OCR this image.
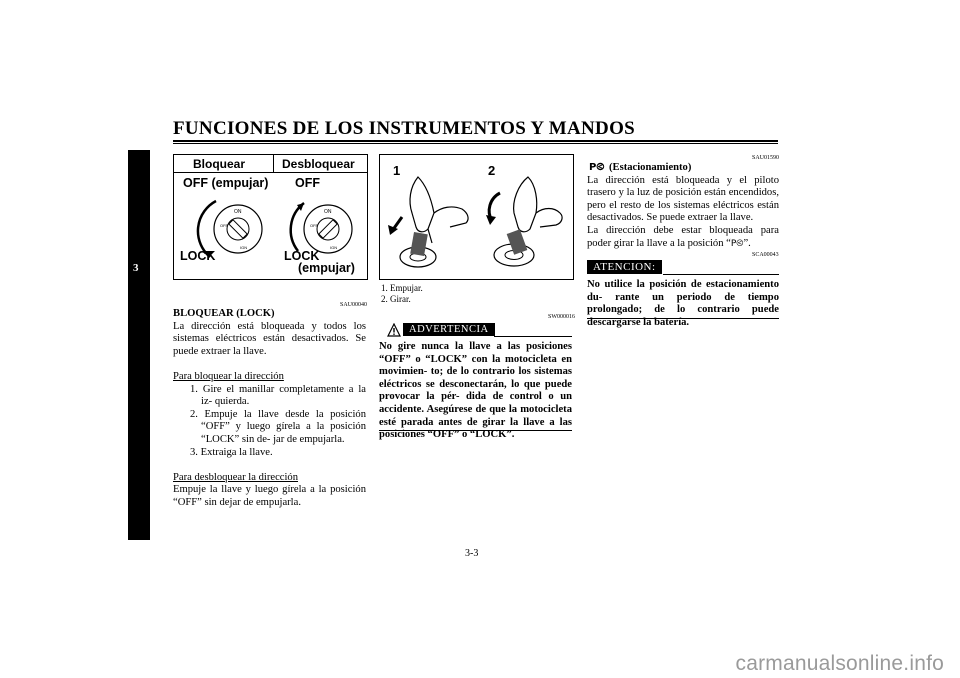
FUNCIONES DE LOS INSTRUMENTOS Y MANDOS
3
Bloquear	Desbloquear
OFF (empujar) OFF
ON
OFF
IGN
ON
OFF
IGN
LOCK	LOCK
(empujar)
SAU00040
BLOQUEAR (LOCK)
La dirección está bloqueada y todos los sistemas eléctricos están desactivados. Se puede extraer la llave.
Para bloquear la dirección
1. Gire el manillar completamente a la iz- quierda.
2. Empuje la llave desde la posición “OFF” y luego gírela a la posición “LOCK” sin de- jar de empujarla.
3. Extraiga la llave.
Para desbloquear la dirección
Empuje la llave y luego gírela a la posición “OFF” sin dejar de empujarla.
1	2
1. Empujar.
2. Girar.
SW000016
ADVERTENCIA
No gire nunca la llave a las posiciones “OFF” o “LOCK” con la motocicleta en movimien- to; de lo contrario los sistemas eléctricos se desconectarán, lo que puede provocar la pér- dida de control o un accidente. Asegúrese de que la motocicleta esté parada antes de girar la llave a las posiciones “OFF” o “LOCK”.
SAU01590
P⧀ (Estacionamiento)
La dirección está bloqueada y el piloto trasero y la luz de posición están encendidos, pero el resto de los sistemas eléctricos están desactivados. Se puede extraer la llave.
La dirección debe estar bloqueada para poder girar la llave a la posición “P⧀”.
SCA00043
ATENCION:
No utilice la posición de estacionamiento du- rante un periodo de tiempo prolongado; de lo contrario puede descargarse la batería.
3-3
carmanualsonline.info
